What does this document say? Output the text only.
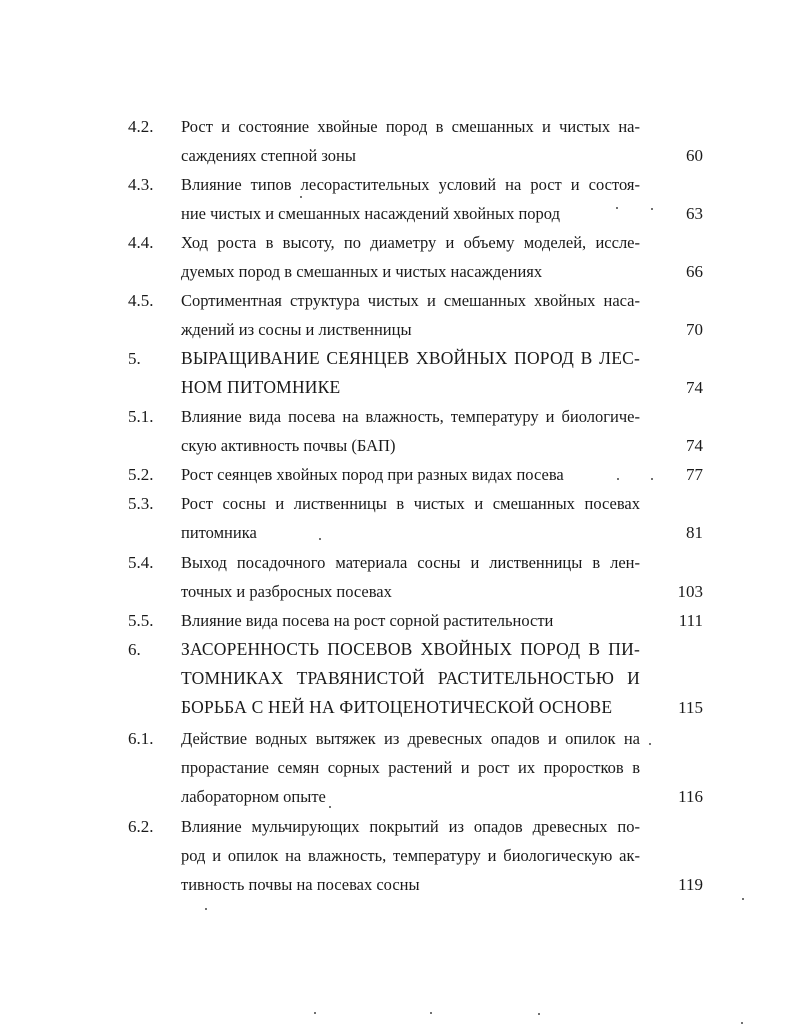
4.2. Рост и состояние хвойные пород в смешанных и чистых на-
саждениях степной зоны	60
4.3. Влияние типов лесорастительных условий на рост и состоя-
ние чистых и смешанных насаждений хвойных пород	63
4.4. Ход роста в высоту, по диаметру и объему моделей, иссле-
дуемых пород в смешанных и чистых насаждениях	66
4.5. Сортиментная структура чистых и смешанных хвойных наса-
ждений из сосны и лиственницы	70
5. ВЫРАЩИВАНИЕ СЕЯНЦЕВ ХВОЙНЫХ ПОРОД В ЛЕС-
НОМ ПИТОМНИКЕ	74
5.1. Влияние вида посева на влажность, температуру и биологиче-
скую активность почвы (БАП)	74
5.2. Рост сеянцев хвойных пород при разных видах посева	77
5.3. Рост сосны и лиственницы в чистых и смешанных посевах
питомника	81
5.4. Выход посадочного материала сосны и лиственницы в лен-
точных и разбросных посевах	103
5.5. Влияние вида посева на рост сорной растительности	111
6. ЗАСОРЕННОСТЬ ПОСЕВОВ ХВОЙНЫХ ПОРОД В ПИ-
ТОМНИКАХ ТРАВЯНИСТОЙ РАСТИТЕЛЬНОСТЬЮ И
БОРЬБА С НЕЙ НА ФИТОЦЕНОТИЧЕСКОЙ ОСНОВЕ	115
6.1. Действие водных вытяжек из древесных опадов и опилок на
прорастание семян сорных растений и рост их проростков в
лабораторном опыте	116
6.2. Влияние мульчирующих покрытий из опадов древесных по-
род и опилок на влажность, температуру и биологическую ак-
тивность почвы на посевах сосны	119
